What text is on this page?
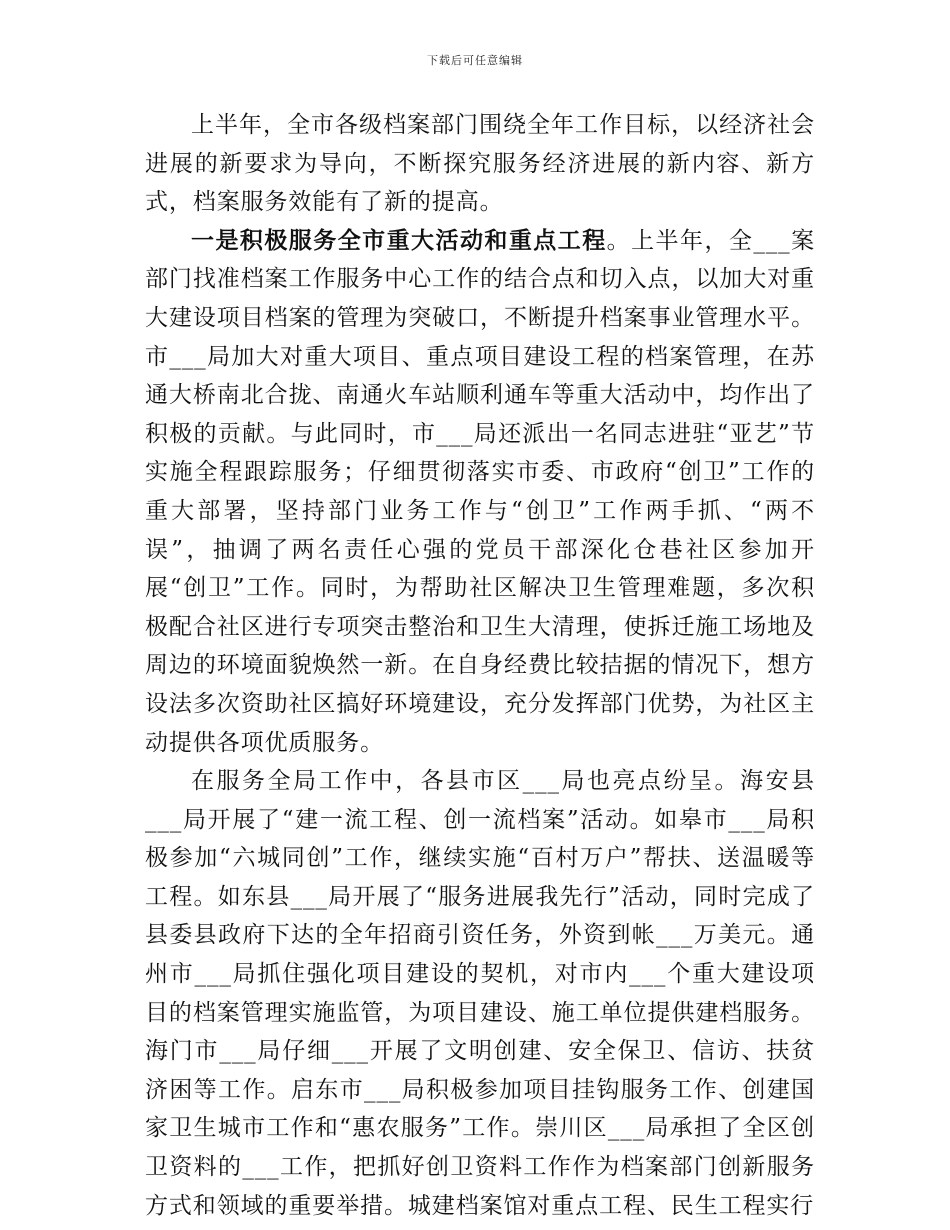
下载后可任意编辑

上半年，全市各级档案部门围绕全年工作目标，以经济社会进展的新要求为导向，不断探究服务经济进展的新内容、新方式，档案服务效能有了新的提高。

一是积极服务全市重大活动和重点工程。上半年，全___案部门找准档案工作服务中心工作的结合点和切入点，以加大对重大建设项目档案的管理为突破口，不断提升档案事业管理水平。市___局加大对重大项目、重点项目建设工程的档案管理，在苏通大桥南北合拢、南通火车站顺利通车等重大活动中，均作出了积极的贡献。与此同时，市___局还派出一名同志进驻“亚艺”节实施全程跟踪服务；仔细贯彻落实市委、市政府“创卫”工作的重大部署，坚持部门业务工作与“创卫”工作两手抓、“两不误”，抽调了两名责任心强的党员干部深化仓巷社区参加开展“创卫”工作。同时，为帮助社区解决卫生管理难题，多次积极配合社区进行专项突击整治和卫生大清理，使拆迁施工场地及周边的环境面貌焕然一新。在自身经费比较拮据的情况下，想方设法多次资助社区搞好环境建设，充分发挥部门优势，为社区主动提供各项优质服务。

在服务全局工作中，各县市区___局也亮点纷呈。海安县___局开展了“建一流工程、创一流档案”活动。如皋市___局积极参加“六城同创”工作，继续实施“百村万户”帮扶、送温暖等工程。如东县___局开展了“服务进展我先行”活动，同时完成了县委县政府下达的全年招商引资任务，外资到帐___万美元。通州市___局抓住强化项目建设的契机，对市内___个重大建设项目的档案管理实施监管，为项目建设、施工单位提供建档服务。海门市___局仔细___开展了文明创建、安全保卫、信访、扶贫济困等工作。启东市___局积极参加项目挂钩服务工作、创建国家卫生城市工作和“惠农服务”工作。崇川区___局承担了全区创卫资料的___工作，把抓好创卫资料工作作为档案部门创新服务方式和领域的重要举措。城建档案馆对重点工程、民生工程实行
